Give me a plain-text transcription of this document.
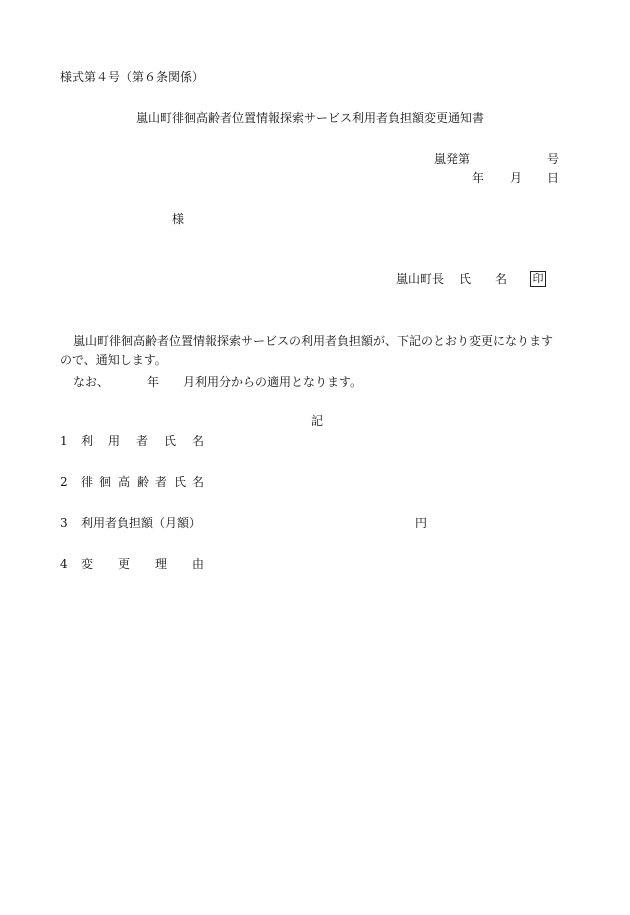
様式第４号（第６条関係）
嵐山町徘徊高齢者位置情報探索サービス利用者負担額変更通知書
嵐発第	号
年 月 日
様
嵐山町長 氏 名 印
嵐山町徘徊高齢者位置情報探索サービスの利用者負担額が、下記のとおり変更になります
ので、通知します。
なお、	年 月利用分からの適用となります。
記
1 利 用 者 氏 名
2 徘 徊 高 齢 者 氏 名
3 利用者負担額（月額）	円
4 変 更 理 由
